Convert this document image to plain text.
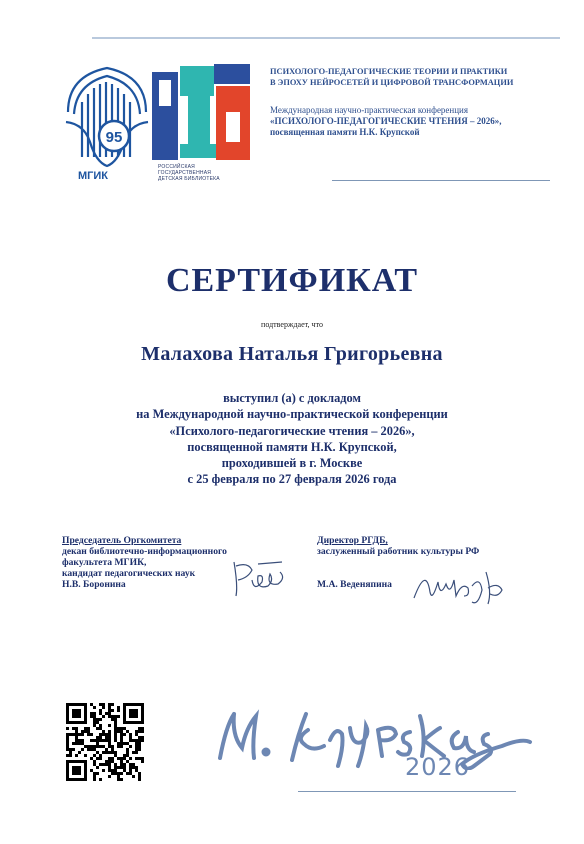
95
МГИК
РОССИЙСКАЯ ГОСУДАРСТВЕННАЯ
ДЕТСКАЯ БИБЛИОТЕКА
ПСИХОЛОГО-ПЕДАГОГИЧЕСКИЕ ТЕОРИИ И ПРАКТИКИ
В ЭПОХУ НЕЙРОСЕТЕЙ И ЦИФРОВОЙ ТРАНСФОРМАЦИИ
Международная научно-практическая конференция
«ПСИХОЛОГО-ПЕДАГОГИЧЕСКИЕ ЧТЕНИЯ – 2026»,
посвященная памяти Н.К. Крупской
СЕРТИФИКАТ
подтверждает, что
Малахова Наталья Григорьевна
выступил (а) с докладом
на Международной научно-практической конференции
«Психолого-педагогические чтения – 2026»,
посвященной памяти Н.К. Крупской,
проходившей в г. Москве
с 25 февраля по 27 февраля 2026 года
Председатель Оргкомитета
декан библиотечно-информационного
факультета МГИК,
кандидат педагогических наук
Н.В. Боронина
Директор РГДБ,
заслуженный работник культуры РФ
М.А. Веденяпина
2026
